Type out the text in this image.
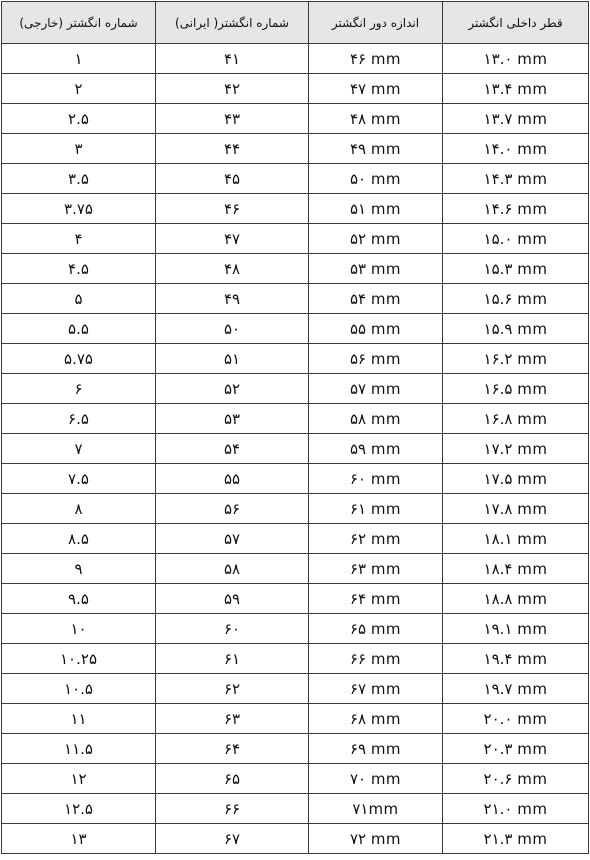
قطر داخلی انگشتر	اندازه دور انگشتر	شماره انگشتر( ایرانی)	شماره انگشتر (خارجی)
۱۳.۰ mm	۴۶ mm	۴۱	۱
۱۳.۴ mm	۴۷ mm	۴۲	۲
۱۳.۷ mm	۴۸ mm	۴۳	۲.۵
۱۴.۰ mm	۴۹ mm	۴۴	۳
۱۴.۳ mm	۵۰ mm	۴۵	۳.۵
۱۴.۶ mm	۵۱ mm	۴۶	۳.۷۵
۱۵.۰ mm	۵۲ mm	۴۷	۴
۱۵.۳ mm	۵۳ mm	۴۸	۴.۵
۱۵.۶ mm	۵۴ mm	۴۹	۵
۱۵.۹ mm	۵۵ mm	۵۰	۵.۵
۱۶.۲ mm	۵۶ mm	۵۱	۵.۷۵
۱۶.۵ mm	۵۷ mm	۵۲	۶
۱۶.۸ mm	۵۸ mm	۵۳	۶.۵
۱۷.۲ mm	۵۹ mm	۵۴	۷
۱۷.۵ mm	۶۰ mm	۵۵	۷.۵
۱۷.۸ mm	۶۱ mm	۵۶	۸
۱۸.۱ mm	۶۲ mm	۵۷	۸.۵
۱۸.۴ mm	۶۳ mm	۵۸	۹
۱۸.۸ mm	۶۴ mm	۵۹	۹.۵
۱۹.۱ mm	۶۵ mm	۶۰	۱۰
۱۹.۴ mm	۶۶ mm	۶۱	۱۰.۲۵
۱۹.۷ mm	۶۷ mm	۶۲	۱۰.۵
۲۰.۰ mm	۶۸ mm	۶۳	۱۱
۲۰.۳ mm	۶۹ mm	۶۴	۱۱.۵
۲۰.۶ mm	۷۰ mm	۶۵	۱۲
۲۱.۰ mm	۷۱mm	۶۶	۱۲.۵
۲۱.۳ mm	۷۲ mm	۶۷	۱۳
